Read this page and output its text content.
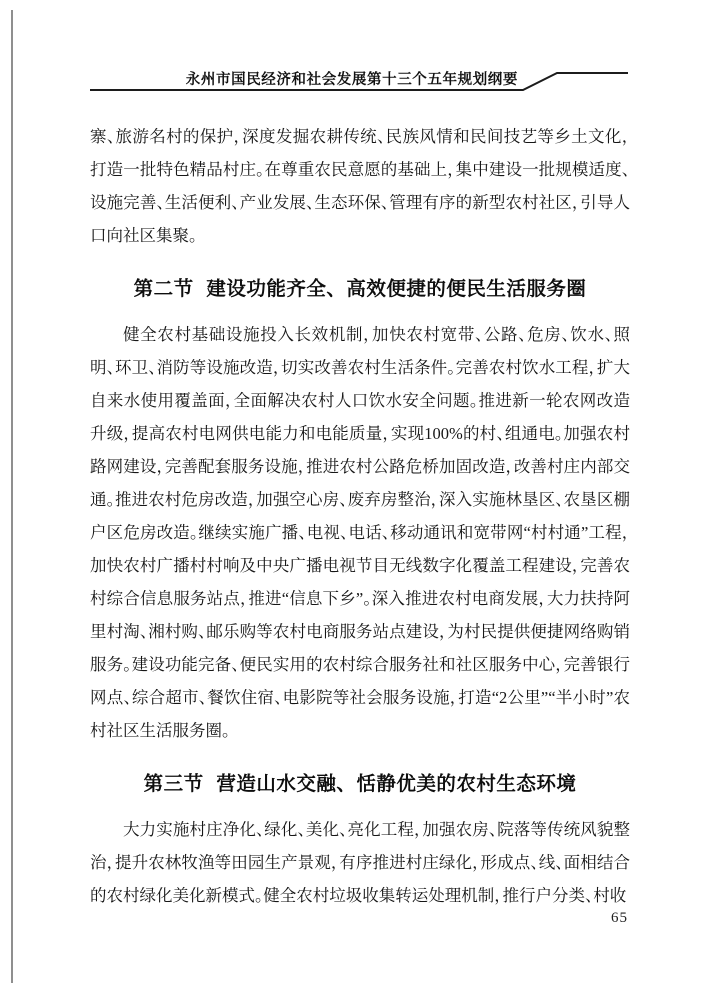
永州市国民经济和社会发展第十三个五年规划纲要

寨、旅游名村的保护，深度发掘农耕传统、民族风情和民间技艺等乡土文化，打造一批特色精品村庄。在尊重农民意愿的基础上，集中建设一批规模适度、设施完善、生活便利、产业发展、生态环保、管理有序的新型农村社区，引导人口向社区集聚。

第二节 建设功能齐全、高效便捷的便民生活服务圈

健全农村基础设施投入长效机制，加快农村宽带、公路、危房、饮水、照明、环卫、消防等设施改造，切实改善农村生活条件。完善农村饮水工程，扩大自来水使用覆盖面，全面解决农村人口饮水安全问题。推进新一轮农网改造升级，提高农村电网供电能力和电能质量，实现100%的村、组通电。加强农村路网建设，完善配套服务设施，推进农村公路危桥加固改造，改善村庄内部交通。推进农村危房改造，加强空心房、废弃房整治，深入实施林垦区、农垦区棚户区危房改造。继续实施广播、电视、电话、移动通讯和宽带网“村村通”工程，加快农村广播村村响及中央广播电视节目无线数字化覆盖工程建设，完善农村综合信息服务站点，推进“信息下乡”。深入推进农村电商发展，大力扶持阿里村淘、湘村购、邮乐购等农村电商服务站点建设，为村民提供便捷网络购销服务。建设功能完备、便民实用的农村综合服务社和社区服务中心，完善银行网点、综合超市、餐饮住宿、电影院等社会服务设施，打造“2公里”“半小时”农村社区生活服务圈。

第三节 营造山水交融、恬静优美的农村生态环境

大力实施村庄净化、绿化、美化、亮化工程，加强农房、院落等传统风貌整治，提升农林牧渔等田园生产景观，有序推进村庄绿化，形成点、线、面相结合的农村绿化美化新模式。健全农村垃圾收集转运处理机制，推行户分类、村收

65
